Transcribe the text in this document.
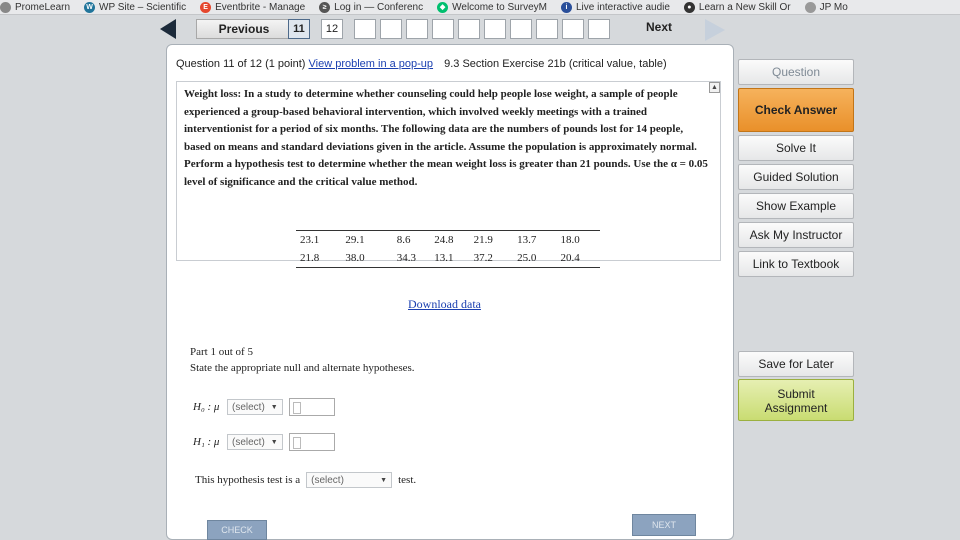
PromeLearn	W WP Site – Scientific	E Eventbrite - Manage	≥ Log in — Conferenc	◆ Welcome to SurveyM	i Live interactive audie	● Learn a New Skill Or	JP Mo
Previous	11	12	Next
Question 11 of 12 (1 point) View problem in a pop-up 9.3 Section Exercise 21b (critical value, table)
Weight loss: In a study to determine whether counseling could help people lose weight, a sample of people experienced a group-based behavioral intervention, which involved weekly meetings with a trained interventionist for a period of six months. The following data are the numbers of pounds lost for 14 people, based on means and standard deviations given in the article. Assume the population is approximately normal. Perform a hypothesis test to determine whether the mean weight loss is greater than 21 pounds. Use the α = 0.05 level of significance and the critical value method.
▲
23.1	29.1	8.6	24.8	21.9	13.7	18.0
21.8	38.0	34.3	13.1	37.2	25.0	20.4
Download data
Part 1 out of 5
State the appropriate null and alternate hypotheses.
H₀ : μ	(select) ▼
H₁ : μ	(select) ▼
This hypothesis test is a (select)	▼ test.
CHECK	NEXT
Question
Check Answer
Solve It
Guided Solution
Show Example
Ask My Instructor
Link to Textbook
Save for Later
Submit
Assignment
